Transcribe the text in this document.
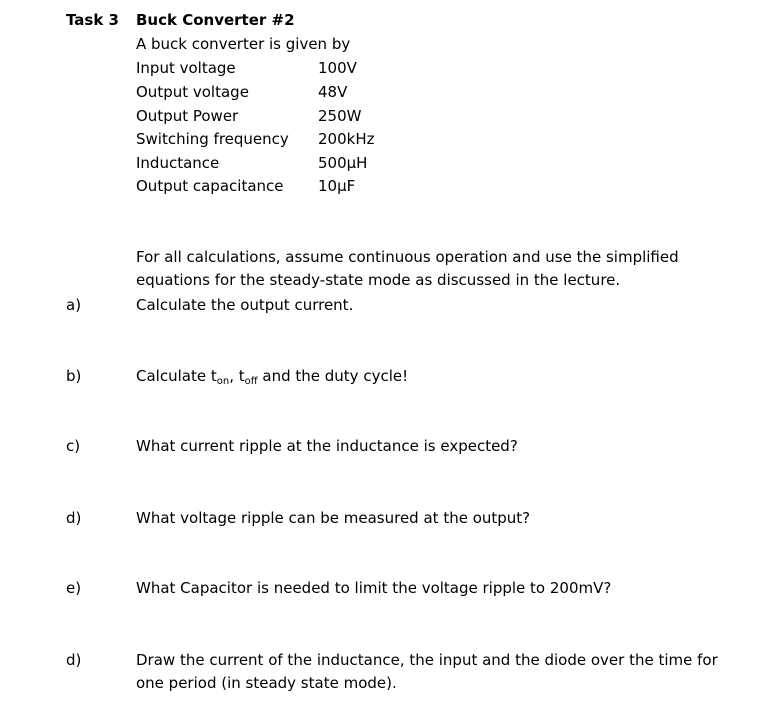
Task 3 Buck Converter #2
A buck converter is given by
Input voltage	100V
Output voltage	48V
Output Power	250W
Switching frequency 200kHz
Inductance	500µH
Output capacitance 10µF
For all calculations, assume continuous operation and use the simplified
equations for the steady-state mode as discussed in the lecture.
a)	Calculate the output current.
b)	Calculate $t_{on}$, $t_{off}$ and the duty cycle!
c)	What current ripple at the inductance is expected?
d)	What voltage ripple can be measured at the output?
e)	What Capacitor is needed to limit the voltage ripple to 200mV?
d)	Draw the current of the inductance, the input and the diode over the time for
one period (in steady state mode).
